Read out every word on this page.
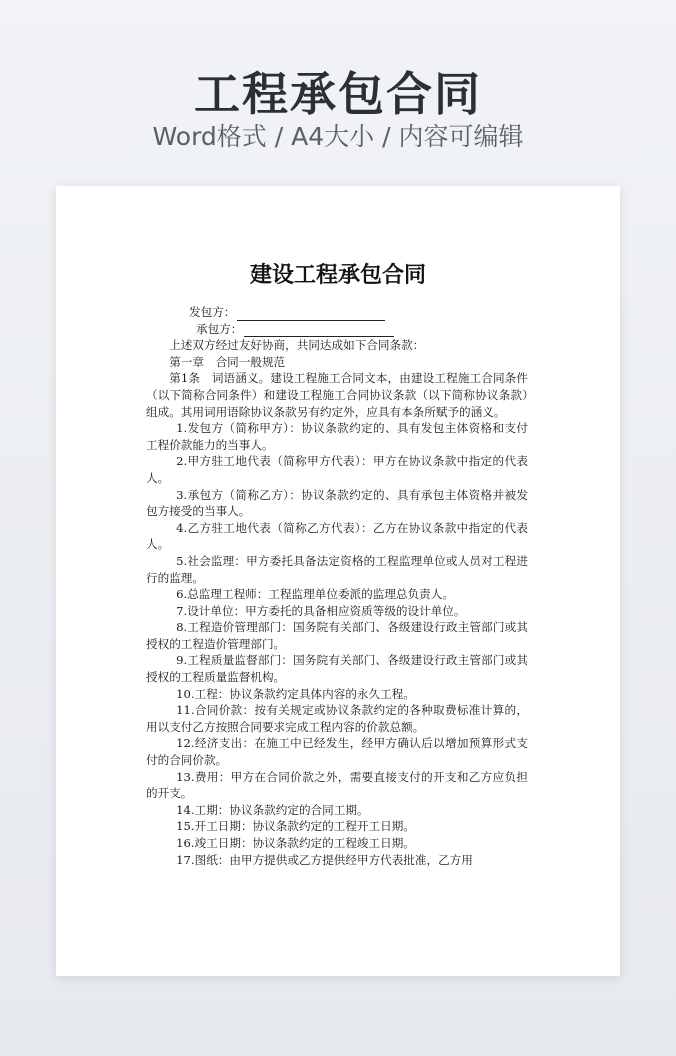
工程承包合同
Word格式 / A4大小 / 内容可编辑
建设工程承包合同
发包方：
承包方：

上述双方经过友好协商，共同达成如下合同条款：

第一章　合同一般规范

第1条　词语涵义。建设工程施工合同文本，由建设工程施工合同条件（以下简称合同条件）和建设工程施工合同协议条款（以下简称协议条款）组成。其用词用语除协议条款另有约定外，应具有本条所赋予的涵义。

1.发包方（简称甲方）：协议条款约定的、具有发包主体资格和支付工程价款能力的当事人。

2.甲方驻工地代表（简称甲方代表）：甲方在协议条款中指定的代表人。

3.承包方（简称乙方）：协议条款约定的、具有承包主体资格并被发包方接受的当事人。

4.乙方驻工地代表（简称乙方代表）：乙方在协议条款中指定的代表人。

5.社会监理：甲方委托具备法定资格的工程监理单位或人员对工程进行的监理。

6.总监理工程师：工程监理单位委派的监理总负责人。

7.设计单位：甲方委托的具备相应资质等级的设计单位。

8.工程造价管理部门：国务院有关部门、各级建设行政主管部门或其授权的工程造价管理部门。

9.工程质量监督部门：国务院有关部门、各级建设行政主管部门或其授权的工程质量监督机构。

10.工程：协议条款约定具体内容的永久工程。

11.合同价款：按有关规定或协议条款约定的各种取费标准计算的，用以支付乙方按照合同要求完成工程内容的价款总额。

12.经济支出：在施工中已经发生，经甲方确认后以增加预算形式支付的合同价款。

13.费用：甲方在合同价款之外，需要直接支付的开支和乙方应负担的开支。

14.工期：协议条款约定的合同工期。

15.开工日期：协议条款约定的工程开工日期。

16.竣工日期：协议条款约定的工程竣工日期。

17.图纸：由甲方提供或乙方提供经甲方代表批准，乙方用
